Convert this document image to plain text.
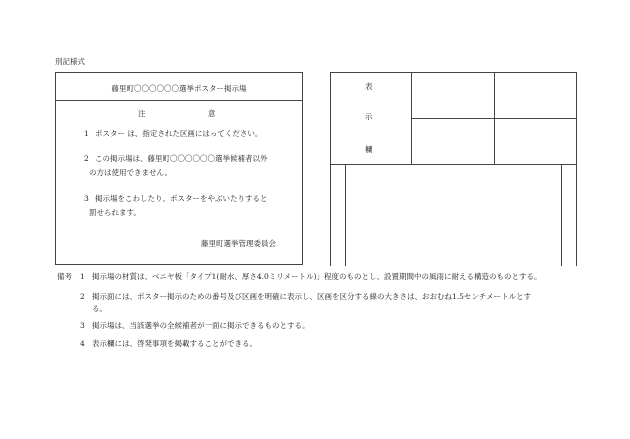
別記様式
藤里町〇〇〇〇〇〇選挙ポスター掲示場
注	意
1 ポスター は、指定された区画にはってください。
2 この掲示場は、藤里町〇〇〇〇〇〇選挙候補者以外
の方は使用できません。
3 掲示場をこわしたり、ポスターをやぶいたりすると
罰せられます。
藤里町選挙管理委員会
表
示
欄
備考 1 掲示場の材質は、ベニヤ板「タイプ1(耐水、厚さ4.0ミリメートル)」程度のものとし、設置期間中の風雨に耐える構造のものとする。
2 掲示面には、ポスター掲示のための番号及び区画を明確に表示し、区画を区分する線の大きさは、おおむね1.5センチメートルとす
る。
3 掲示場は、当該選挙の全候補者が一面に掲示できるものとする。
4 表示欄には、啓発事項を掲載することができる。
